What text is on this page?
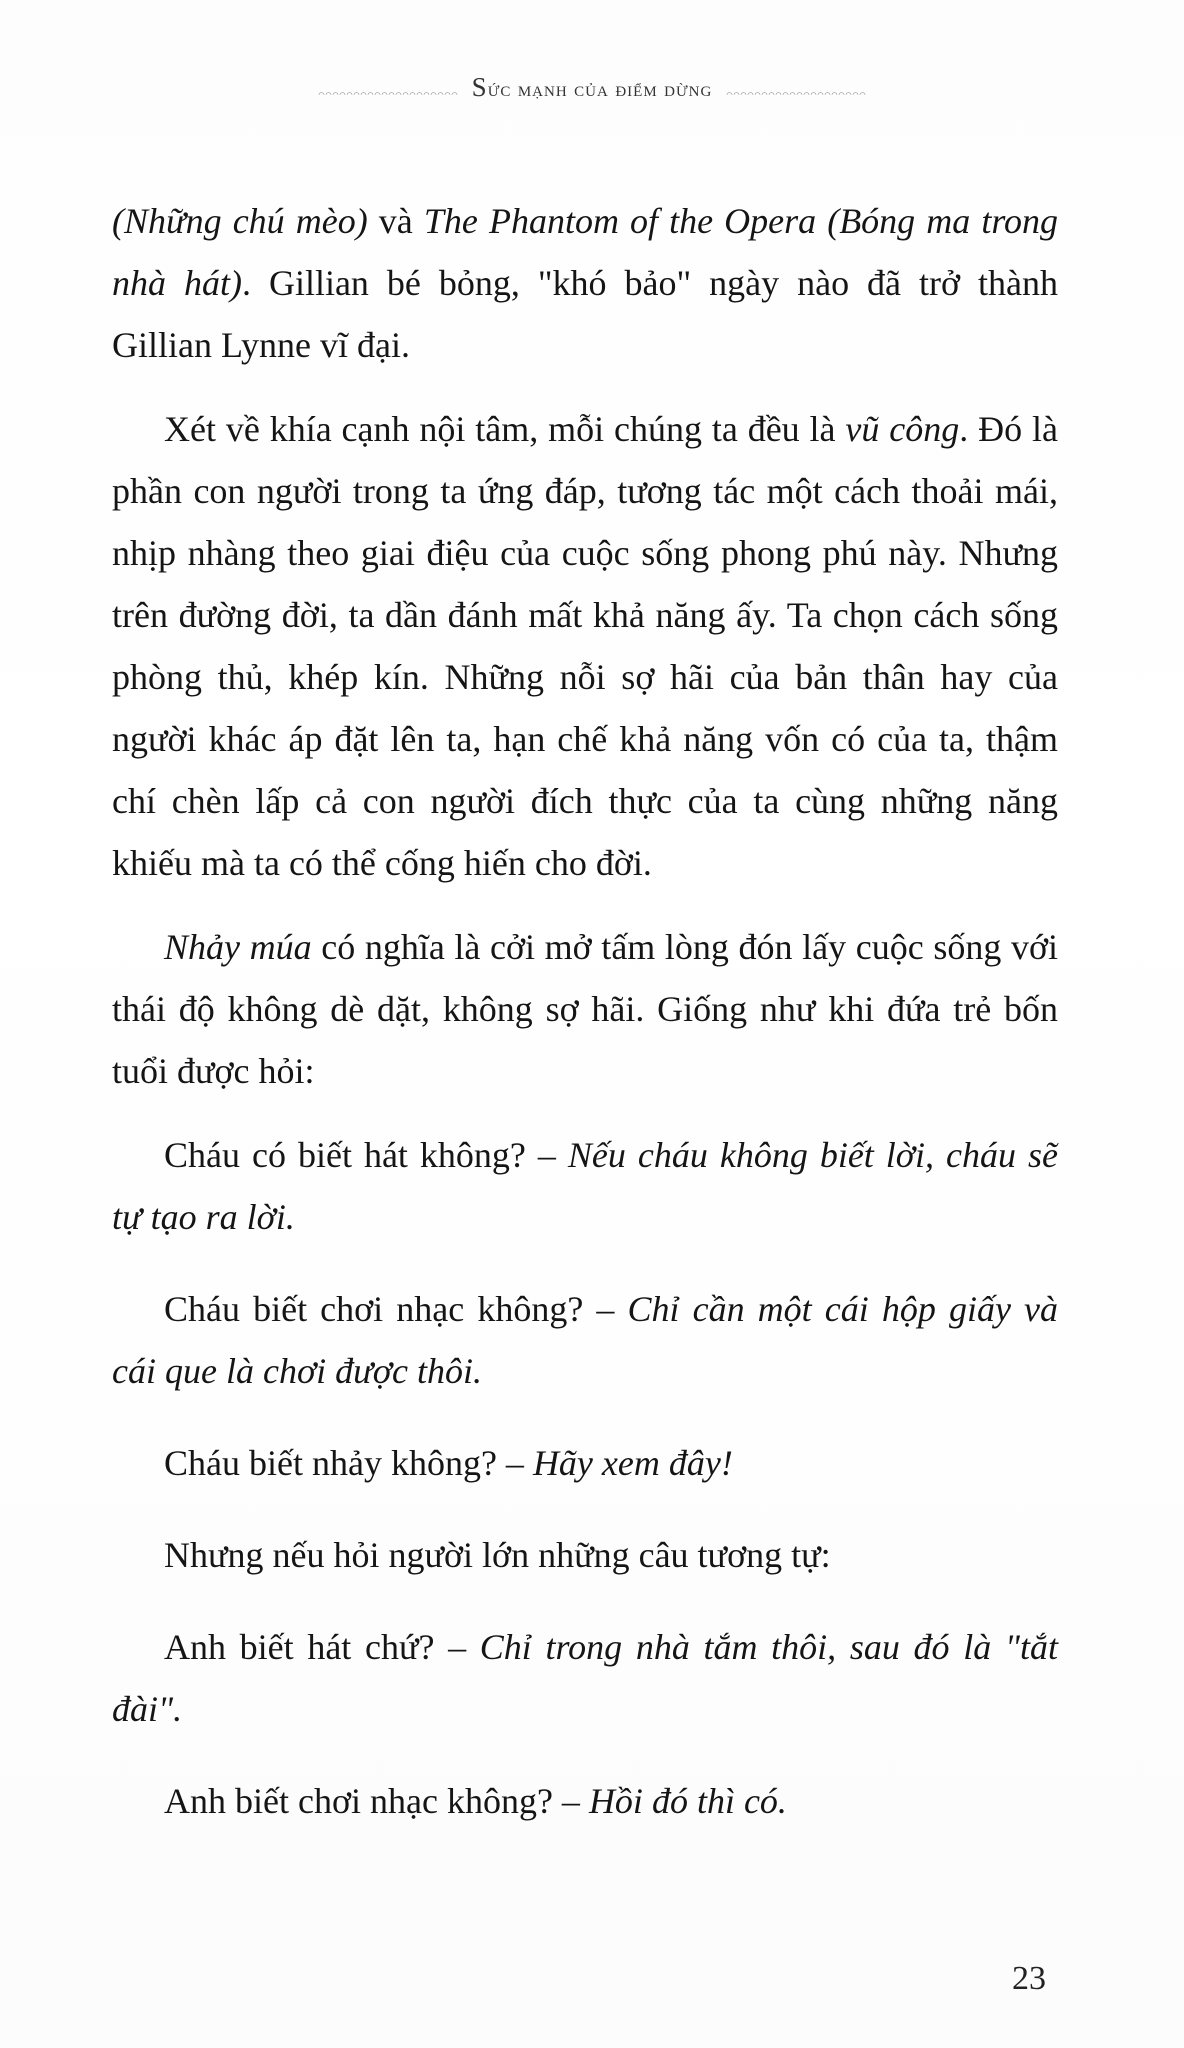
Sức mạnh của điểm dừng

(Những chú mèo) và The Phantom of the Opera (Bóng ma trong nhà hát). Gillian bé bỏng, "khó bảo" ngày nào đã trở thành Gillian Lynne vĩ đại.

Xét về khía cạnh nội tâm, mỗi chúng ta đều là vũ công. Đó là phần con người trong ta ứng đáp, tương tác một cách thoải mái, nhịp nhàng theo giai điệu của cuộc sống phong phú này. Nhưng trên đường đời, ta dần đánh mất khả năng ấy. Ta chọn cách sống phòng thủ, khép kín. Những nỗi sợ hãi của bản thân hay của người khác áp đặt lên ta, hạn chế khả năng vốn có của ta, thậm chí chèn lấp cả con người đích thực của ta cùng những năng khiếu mà ta có thể cống hiến cho đời.

Nhảy múa có nghĩa là cởi mở tấm lòng đón lấy cuộc sống với thái độ không dè dặt, không sợ hãi. Giống như khi đứa trẻ bốn tuổi được hỏi:

Cháu có biết hát không? – Nếu cháu không biết lời, cháu sẽ tự tạo ra lời.

Cháu biết chơi nhạc không? – Chỉ cần một cái hộp giấy và cái que là chơi được thôi.

Cháu biết nhảy không? – Hãy xem đây!

Nhưng nếu hỏi người lớn những câu tương tự:

Anh biết hát chứ? – Chỉ trong nhà tắm thôi, sau đó là "tắt đài".

Anh biết chơi nhạc không? – Hồi đó thì có.

23
